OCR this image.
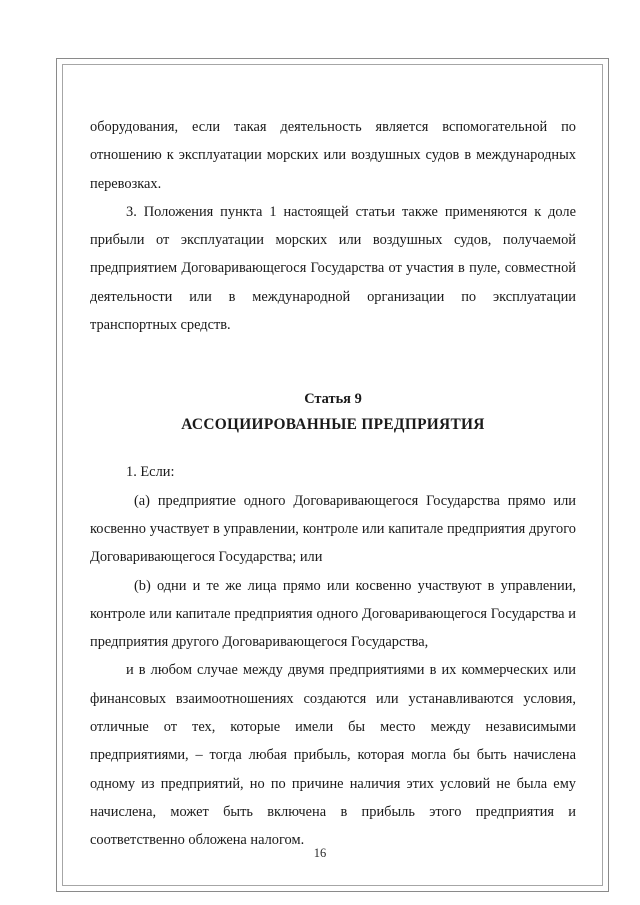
оборудования, если такая деятельность является вспомогательной по отношению к эксплуатации морских или воздушных судов в международных перевозках.

3. Положения пункта 1 настоящей статьи также применяются к доле прибыли от эксплуатации морских или воздушных судов, получаемой предприятием Договаривающегося Государства от участия в пуле, совместной деятельности или в международной организации по эксплуатации транспортных средств.

Статья 9

АССОЦИИРОВАННЫЕ ПРЕДПРИЯТИЯ

1. Если:

(a) предприятие одного Договаривающегося Государства прямо или косвенно участвует в управлении, контроле или капитале предприятия другого Договаривающегося Государства; или

(b) одни и те же лица прямо или косвенно участвуют в управлении, контроле или капитале предприятия одного Договаривающегося Государства и предприятия другого Договаривающегося Государства,

и в любом случае между двумя предприятиями в их коммерческих или финансовых взаимоотношениях создаются или устанавливаются условия, отличные от тех, которые имели бы место между независимыми предприятиями, – тогда любая прибыль, которая могла бы быть начислена одному из предприятий, но по причине наличия этих условий не была ему начислена, может быть включена в прибыль этого предприятия и соответственно обложена налогом.

16
